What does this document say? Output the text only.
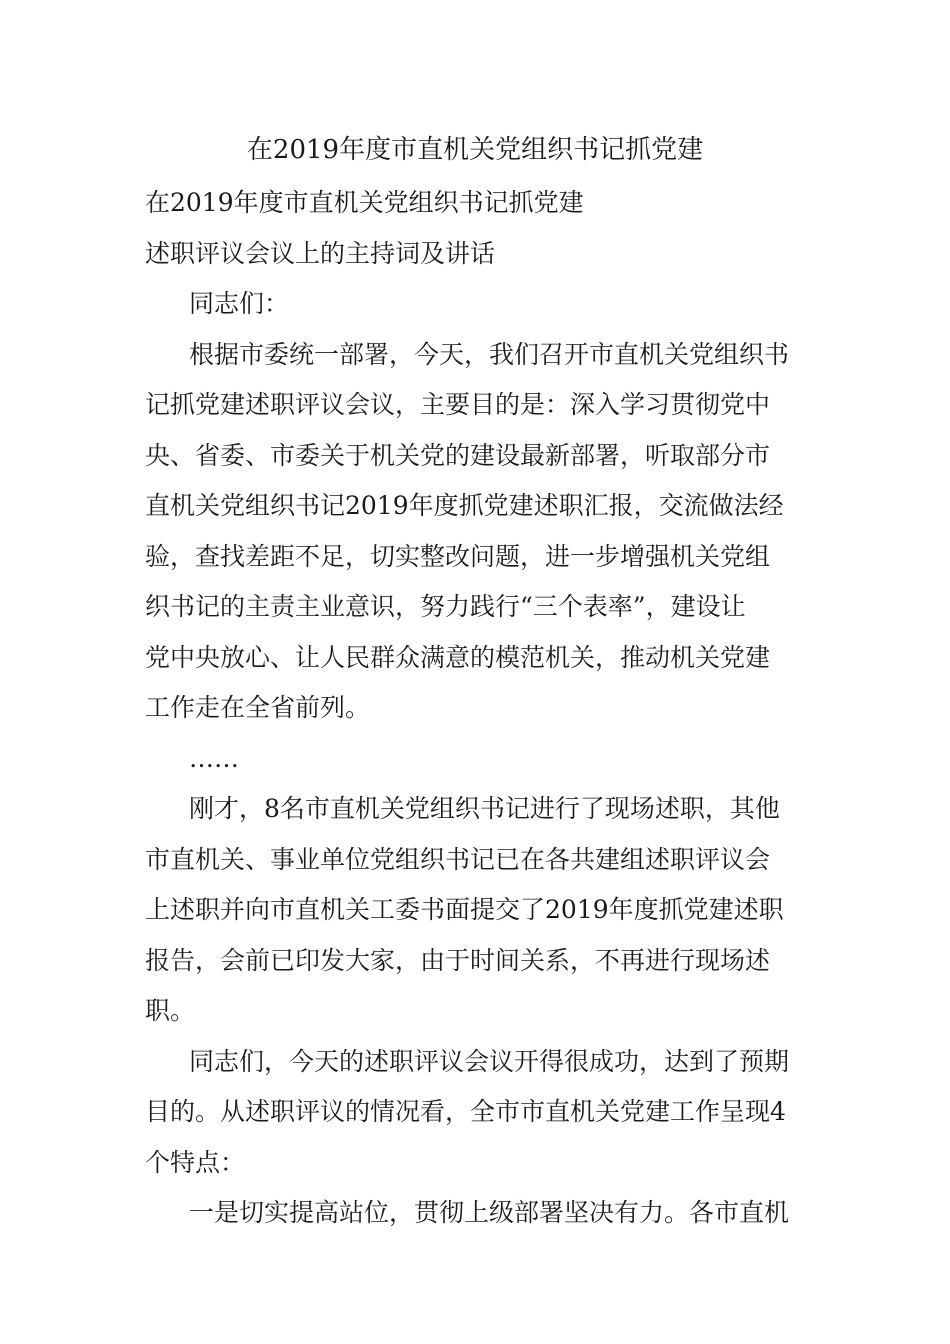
在2019年度市直机关党组织书记抓党建
在2019年度市直机关党组织书记抓党建
述职评议会议上的主持词及讲话
同志们：
根据市委统一部署，今天，我们召开市直机关党组织书
记抓党建述职评议会议，主要目的是：深入学习贯彻党中
央、省委、市委关于机关党的建设最新部署，听取部分市
直机关党组织书记2019年度抓党建述职汇报，交流做法经
验，查找差距不足，切实整改问题，进一步增强机关党组
织书记的主责主业意识，努力践行“三个表率”，建设让
党中央放心、让人民群众满意的模范机关，推动机关党建
工作走在全省前列。
……
刚才，8名市直机关党组织书记进行了现场述职，其他
市直机关、事业单位党组织书记已在各共建组述职评议会
上述职并向市直机关工委书面提交了2019年度抓党建述职
报告，会前已印发大家，由于时间关系，不再进行现场述
职。
同志们，今天的述职评议会议开得很成功，达到了预期
目的。从述职评议的情况看，全市市直机关党建工作呈现4
个特点：
一是切实提高站位，贯彻上级部署坚决有力。各市直机
